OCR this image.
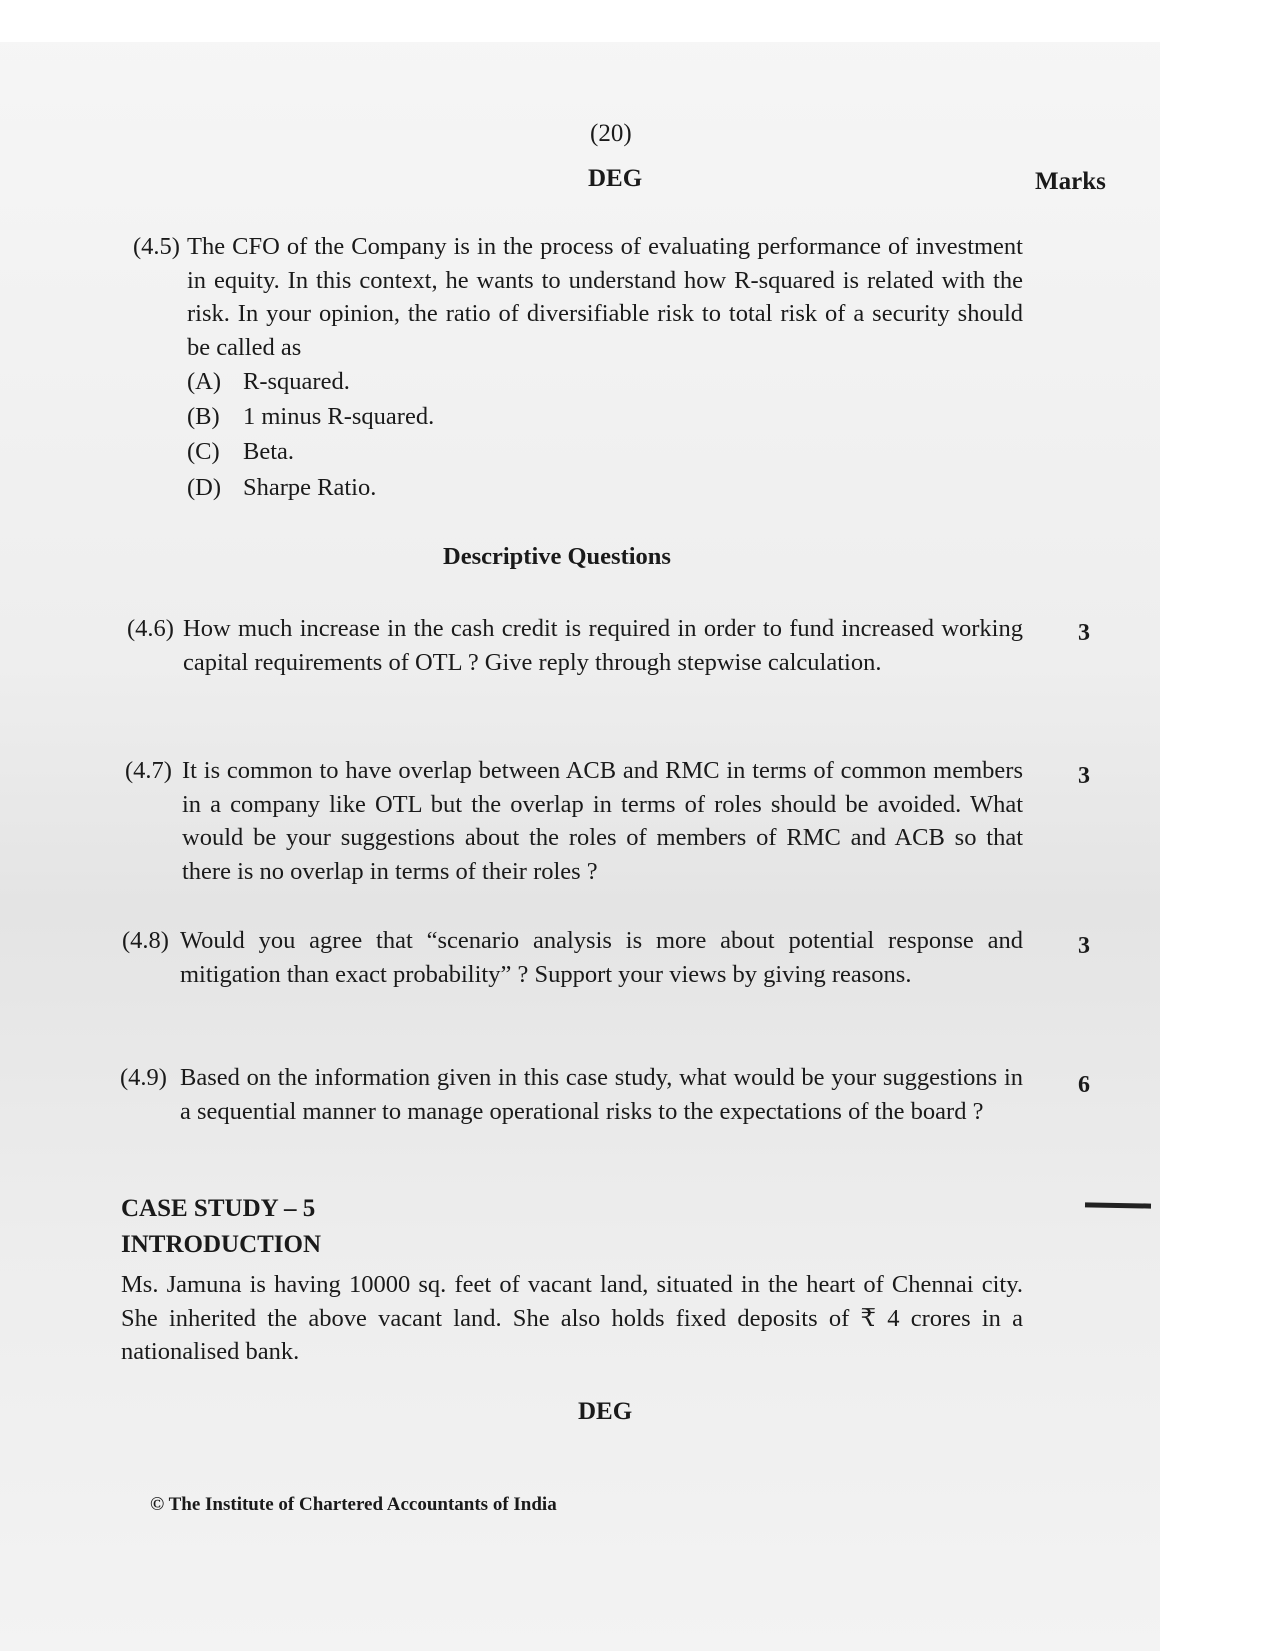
(20)
DEG	Marks
(4.5) The CFO of the Company is in the process of evaluating performance of investment in equity. In this context, he wants to understand how R-squared is related with the risk. In your opinion, the ratio of diversifiable risk to total risk of a security should be called as
(A) R-squared.
(B) 1 minus R-squared.
(C) Beta.
(D) Sharpe Ratio.
Descriptive Questions
(4.6) How much increase in the cash credit is required in order to fund increased working capital requirements of OTL ? Give reply through stepwise calculation.
3
(4.7) It is common to have overlap between ACB and RMC in terms of common members in a company like OTL but the overlap in terms of roles should be avoided. What would be your suggestions about the roles of members of RMC and ACB so that there is no overlap in terms of their roles ?
3
(4.8) Would you agree that “scenario analysis is more about potential response and mitigation than exact probability” ? Support your views by giving reasons.
3
(4.9) Based on the information given in this case study, what would be your suggestions in a sequential manner to manage operational risks to the expectations of the board ?
6
CASE STUDY – 5
INTRODUCTION
Ms. Jamuna is having 10000 sq. feet of vacant land, situated in the heart of Chennai city. She inherited the above vacant land. She also holds fixed deposits of ₹ 4 crores in a nationalised bank.
DEG
© The Institute of Chartered Accountants of India
